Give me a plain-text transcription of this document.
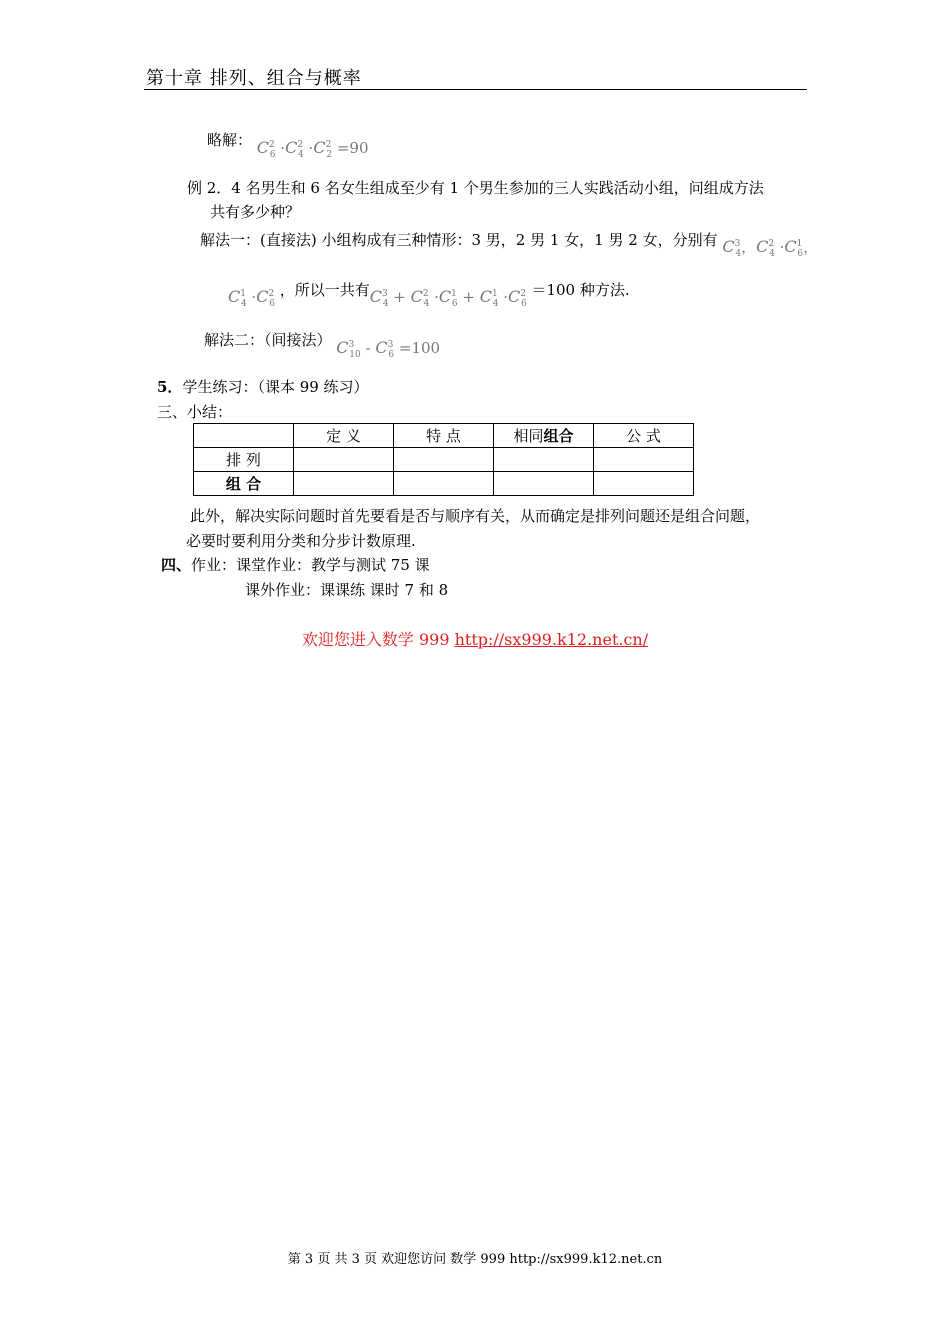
第十章 排列、组合与概率
略解： $C^2_6 \cdot C^2_4 \cdot C^2_2 =90$
例 2．4 名男生和 6 名女生组成至少有 1 个男生参加的三人实践活动小组，问组成方法
共有多少种？
解法一：(直接法) 小组构成有三种情形：3 男，2 男 1 女，1 男 2 女，分别有 $C^3_4$，$C^2_4 \cdot C^1_6$，
$C^1_4 \cdot C^2_6$ ，所以一共有$C^3_4 + C^2_4 \cdot C^1_6 + C^1_4 \cdot C^2_6 =100$ 种方法.
解法二：（间接法） $C^3_{10} - C^3_6 =100$
5．学生练习：（课本 99 练习）
三、小结：
	定 义	特 点	相同组合	公 式
排 列				
组 合				
此外，解决实际问题时首先要看是否与顺序有关，从而确定是排列问题还是组合问题，
必要时要利用分类和分步计数原理.
四、作业：课堂作业：教学与测试 75 课
课外作业：课课练 课时 7 和 8
欢迎您进入数学 999 http://sx999.k12.net.cn/
第 3 页 共 3 页 欢迎您访问 数学 999 http://sx999.k12.net.cn
